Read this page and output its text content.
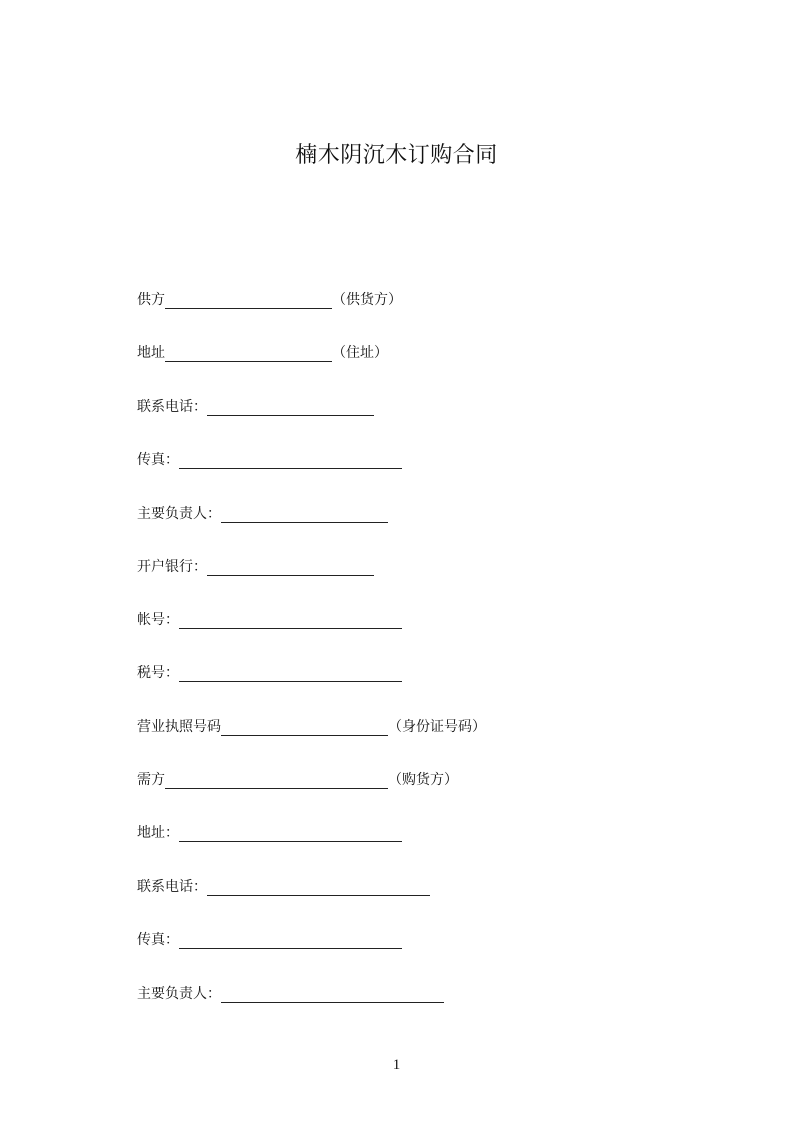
楠木阴沉木订购合同
供方	（供货方）
地址	（住址）
联系电话：
传真：
主要负责人：
开户银行：
帐号：
税号：
营业执照号码	（身份证号码）
需方	（购货方）
地址：
联系电话：
传真：
主要负责人：
1
